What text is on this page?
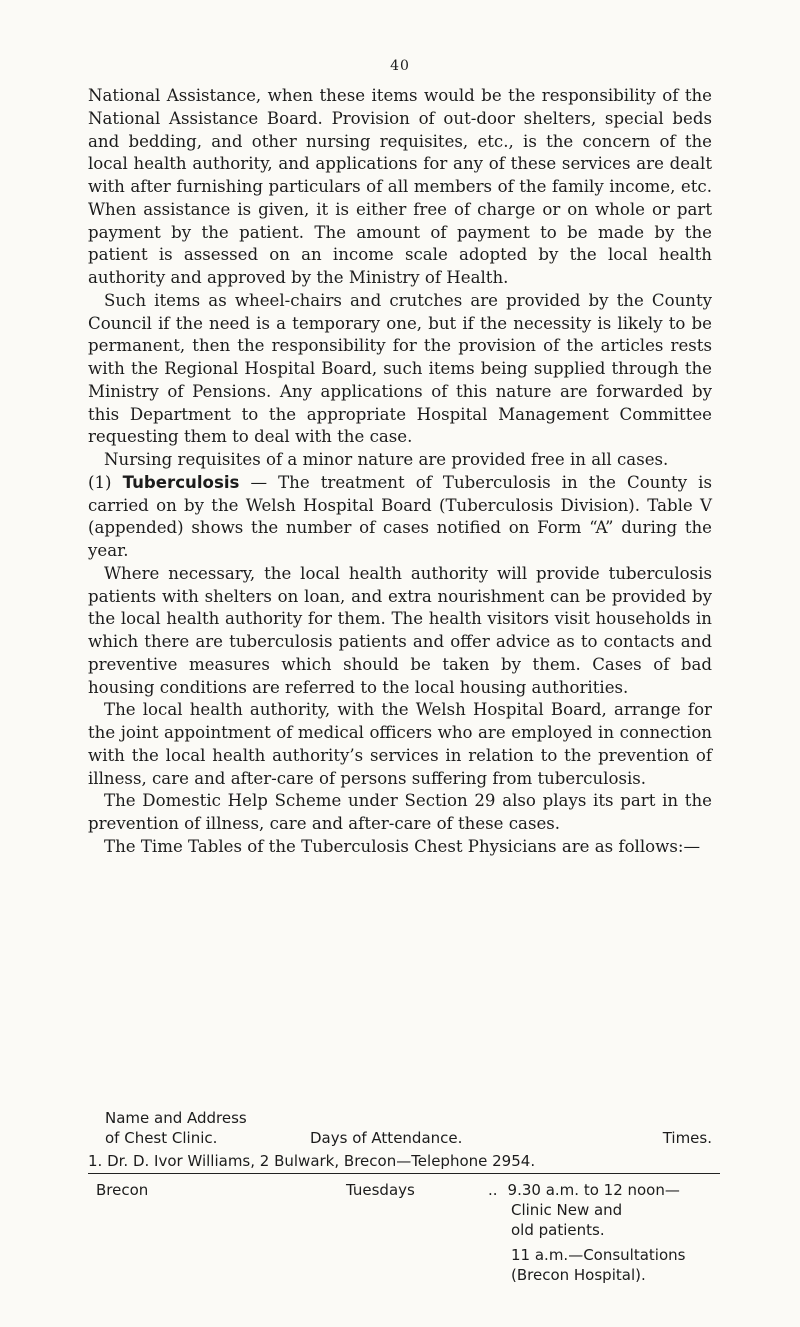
40

National Assistance, when these items would be the responsibility of the National Assistance Board. Provision of out-door shelters, special beds and bedding, and other nursing requisites, etc., is the concern of the local health authority, and applications for any of these services are dealt with after furnishing particulars of all members of the family income, etc. When assistance is given, it is either free of charge or on whole or part payment by the patient. The amount of payment to be made by the patient is assessed on an income scale adopted by the local health authority and approved by the Ministry of Health.

Such items as wheel-chairs and crutches are provided by the County Council if the need is a temporary one, but if the necessity is likely to be permanent, then the responsibility for the provision of the articles rests with the Regional Hospital Board, such items being supplied through the Ministry of Pensions. Any applications of this nature are forwarded by this Department to the appropriate Hospital Management Committee requesting them to deal with the case.

Nursing requisites of a minor nature are provided free in all cases.

(1) Tuberculosis — The treatment of Tuberculosis in the County is carried on by the Welsh Hospital Board (Tuberculosis Division). Table V (appended) shows the number of cases notified on Form “A” during the year.

Where necessary, the local health authority will provide tuberculosis patients with shelters on loan, and extra nourishment can be provided by the local health authority for them. The health visitors visit households in which there are tuberculosis patients and offer advice as to contacts and preventive measures which should be taken by them. Cases of bad housing conditions are referred to the local housing authorities.

The local health authority, with the Welsh Hospital Board, arrange for the joint appointment of medical officers who are employed in connection with the local health authority’s services in relation to the prevention of illness, care and after-care of persons suffering from tuberculosis.

The Domestic Help Scheme under Section 29 also plays its part in the prevention of illness, care and after-care of these cases.

The Time Tables of the Tuberculosis Chest Physicians are as follows:—

Name and Address
of Chest Clinic.	Days of Attendance.	Times.
1. Dr. D. Ivor Williams, 2 Bulwark, Brecon—Telephone 2954.
Brecon	Tuesdays	.. 9.30 a.m. to 12 noon—
Clinic New and
old patients.
11 a.m.—Consultations
(Brecon Hospital).
